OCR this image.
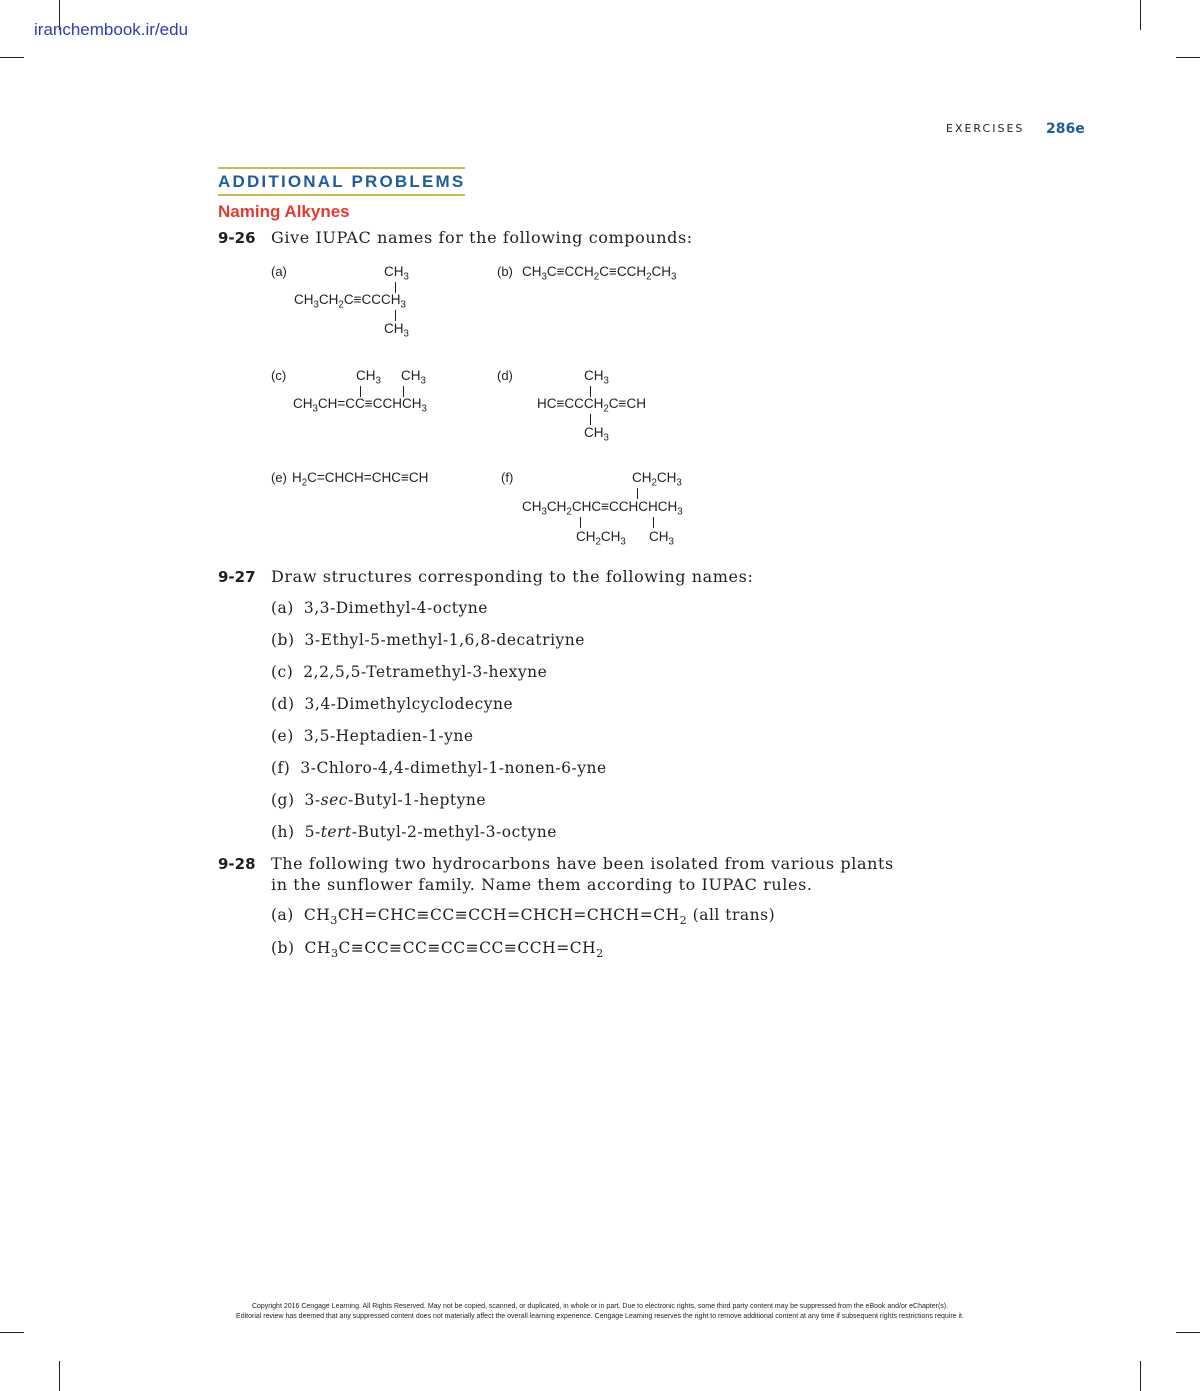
iranchembook.ir/edu
EXERCISES 286e
ADDITIONAL PROBLEMS
Naming Alkynes
9-26 Give IUPAC names for the following compounds:
(a)	$CH_3$
$CH_3CH_2C\equiv CCCH_3$
$CH_3$
(b) $CH_3C\equiv CCH_2C\equiv CCH_2CH_3$
(c)	$CH_3$ $CH_3$
$CH_3CH=CC\equiv CCHCH_3$
(d)	$CH_3$
$HC\equiv CCCH_2C\equiv CH$
$CH_3$
(e) $H_2C=CHCH=CHC\equiv CH$	(f)	$CH_2CH_3$
$CH_3CH_2CHC\equiv CCHCHCH_3$
$CH_2CH_3$ $CH_3$
9-27 Draw structures corresponding to the following names:
(a) 3,3-Dimethyl-4-octyne
(b) 3-Ethyl-5-methyl-1,6,8-decatriyne
(c) 2,2,5,5-Tetramethyl-3-hexyne
(d) 3,4-Dimethylcyclodecyne
(e) 3,5-Heptadien-1-yne
(f) 3-Chloro-4,4-dimethyl-1-nonen-6-yne
(g) 3-sec-Butyl-1-heptyne
(h) 5-tert-Butyl-2-methyl-3-octyne
9-28 The following two hydrocarbons have been isolated from various plants
in the sunflower family. Name them according to IUPAC rules.
(a) $CH_3CH=CHC\equiv CC\equiv CCH=CHCH=CHCH=CH_2$ (all trans)
(b) $CH_3C\equiv CC\equiv CC\equiv CC\equiv CC\equiv CCH=CH_2$
Copyright 2016 Cengage Learning. All Rights Reserved. May not be copied, scanned, or duplicated, in whole or in part. Due to electronic rights, some third party content may be suppressed from the eBook and/or eChapter(s).
Editorial review has deemed that any suppressed content does not materially affect the overall learning experience. Cengage Learning reserves the right to remove additional content at any time if subsequent rights restrictions require it.
